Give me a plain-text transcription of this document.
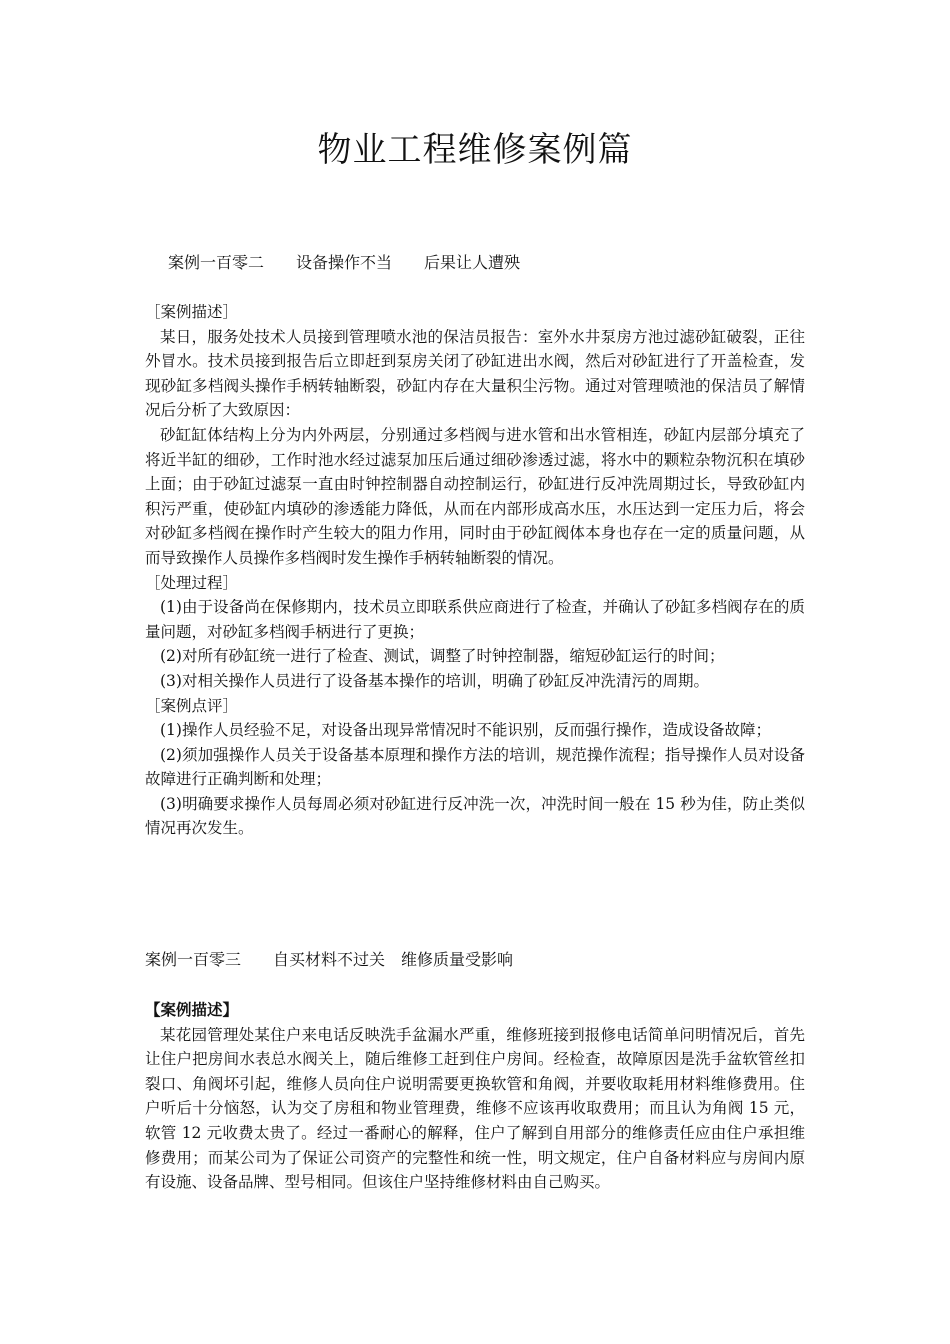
物业工程维修案例篇
案例一百零二　　设备操作不当　　后果让人遭殃

［案例描述］

某日，服务处技术人员接到管理喷水池的保洁员报告：室外水井泵房方池过滤砂缸破裂，正往外冒水。技术员接到报告后立即赶到泵房关闭了砂缸进出水阀，然后对砂缸进行了开盖检查，发现砂缸多档阀头操作手柄转轴断裂，砂缸内存在大量积尘污物。通过对管理喷池的保洁员了解情况后分析了大致原因：

砂缸缸体结构上分为内外两层，分别通过多档阀与进水管和出水管相连，砂缸内层部分填充了将近半缸的细砂，工作时池水经过滤泵加压后通过细砂渗透过滤，将水中的颗粒杂物沉积在填砂上面；由于砂缸过滤泵一直由时钟控制器自动控制运行，砂缸进行反冲洗周期过长，导致砂缸内积污严重，使砂缸内填砂的渗透能力降低，从而在内部形成高水压，水压达到一定压力后，将会对砂缸多档阀在操作时产生较大的阻力作用，同时由于砂缸阀体本身也存在一定的质量问题，从而导致操作人员操作多档阀时发生操作手柄转轴断裂的情况。

［处理过程］

(1)由于设备尚在保修期内，技术员立即联系供应商进行了检查，并确认了砂缸多档阀存在的质量问题，对砂缸多档阀手柄进行了更换；

(2)对所有砂缸统一进行了检查、测试，调整了时钟控制器，缩短砂缸运行的时间；

(3)对相关操作人员进行了设备基本操作的培训，明确了砂缸反冲洗清污的周期。

［案例点评］

(1)操作人员经验不足，对设备出现异常情况时不能识别，反而强行操作，造成设备故障；

(2)须加强操作人员关于设备基本原理和操作方法的培训，规范操作流程；指导操作人员对设备故障进行正确判断和处理；

(3)明确要求操作人员每周必须对砂缸进行反冲洗一次，冲洗时间一般在 15 秒为佳，防止类似情况再次发生。

案例一百零三　　自买材料不过关　维修质量受影响

【案例描述】

某花园管理处某住户来电话反映洗手盆漏水严重，维修班接到报修电话简单问明情况后，首先让住户把房间水表总水阀关上，随后维修工赶到住户房间。经检查，故障原因是洗手盆软管丝扣裂口、角阀坏引起，维修人员向住户说明需要更换软管和角阀，并要收取耗用材料维修费用。住户听后十分恼怒，认为交了房租和物业管理费，维修不应该再收取费用；而且认为角阀 15 元，软管 12 元收费太贵了。经过一番耐心的解释，住户了解到自用部分的维修责任应由住户承担维修费用；而某公司为了保证公司资产的完整性和统一性，明文规定，住户自备材料应与房间内原有设施、设备品牌、型号相同。但该住户坚持维修材料由自己购买。
